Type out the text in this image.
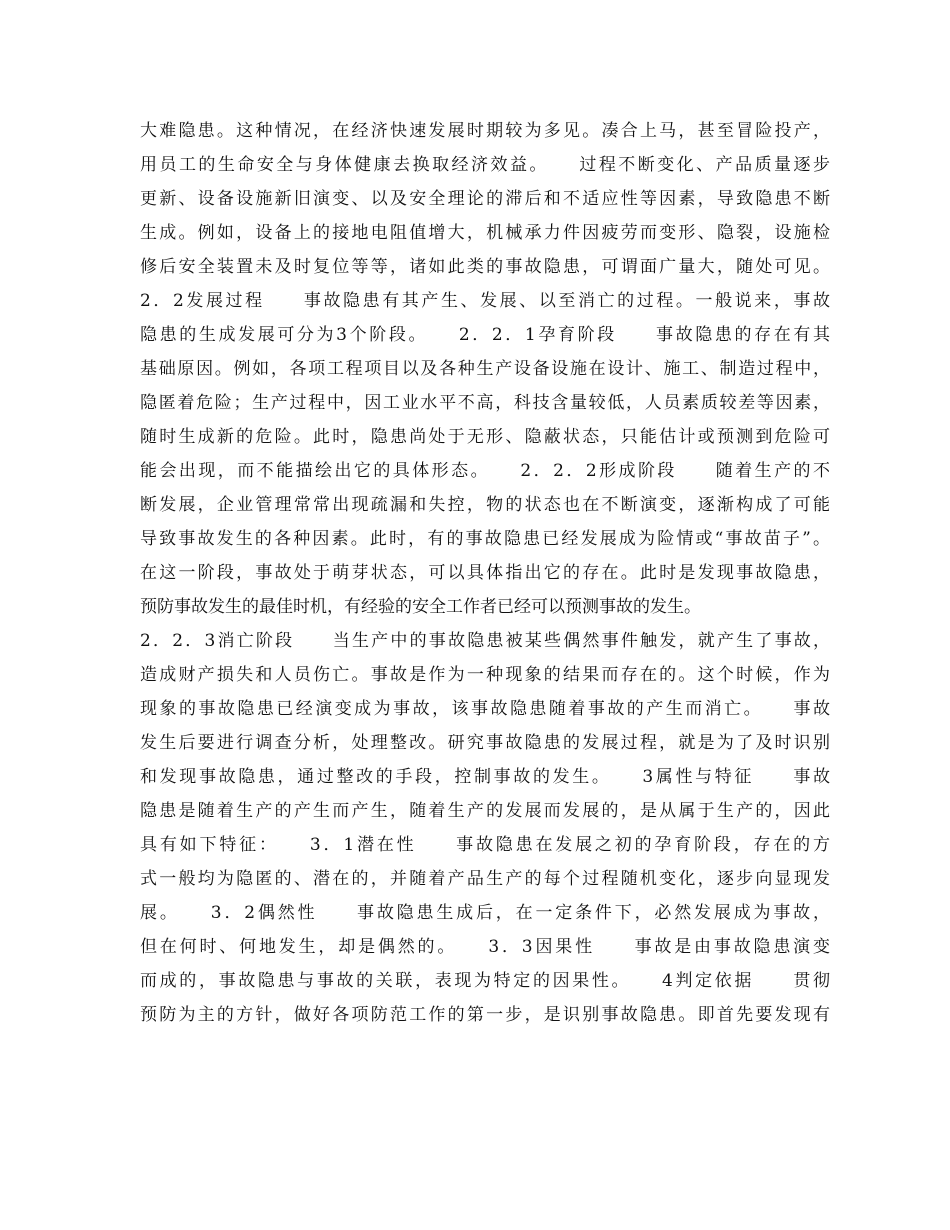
大难隐患。这种情况，在经济快速发展时期较为多见。凑合上马，甚至冒险投产，
用员工的生命安全与身体健康去换取经济效益。　　过程不断变化、产品质量逐步
更新、设备设施新旧演变、以及安全理论的滞后和不适应性等因素，导致隐患不断
生成。例如，设备上的接地电阻值增大，机械承力件因疲劳而变形、隐裂，设施检
修后安全装置未及时复位等等，诸如此类的事故隐患，可谓面广量大，随处可见。
2．2发展过程　　事故隐患有其产生、发展、以至消亡的过程。一般说来，事故
隐患的生成发展可分为3个阶段。　　2．2．1孕育阶段　　事故隐患的存在有其
基础原因。例如，各项工程项目以及各种生产设备设施在设计、施工、制造过程中，
隐匿着危险；生产过程中，因工业水平不高，科技含量较低，人员素质较差等因素，
随时生成新的危险。此时，隐患尚处于无形、隐蔽状态，只能估计或预测到危险可
能会出现，而不能描绘出它的具体形态。　　2．2．2形成阶段　　随着生产的不
断发展，企业管理常常出现疏漏和失控，物的状态也在不断演变，逐渐构成了可能
导致事故发生的各种因素。此时，有的事故隐患已经发展成为险情或“事故苗子”。
在这一阶段，事故处于萌芽状态，可以具体指出它的存在。此时是发现事故隐患，
预防事故发生的最佳时机，有经验的安全工作者已经可以预测事故的发生。
2．2．3消亡阶段　　当生产中的事故隐患被某些偶然事件触发，就产生了事故，
造成财产损失和人员伤亡。事故是作为一种现象的结果而存在的。这个时候，作为
现象的事故隐患已经演变成为事故，该事故隐患随着事故的产生而消亡。　　事故
发生后要进行调查分析，处理整改。研究事故隐患的发展过程，就是为了及时识别
和发现事故隐患，通过整改的手段，控制事故的发生。　　3属性与特征　　事故
隐患是随着生产的产生而产生，随着生产的发展而发展的，是从属于生产的，因此
具有如下特征：　　3．1潜在性　　事故隐患在发展之初的孕育阶段，存在的方
式一般均为隐匿的、潜在的，并随着产品生产的每个过程随机变化，逐步向显现发
展。　　3．2偶然性　　事故隐患生成后，在一定条件下，必然发展成为事故，
但在何时、何地发生，却是偶然的。　　3．3因果性　　事故是由事故隐患演变
而成的，事故隐患与事故的关联，表现为特定的因果性。　　4判定依据　　贯彻
预防为主的方针，做好各项防范工作的第一步，是识别事故隐患。即首先要发现有
